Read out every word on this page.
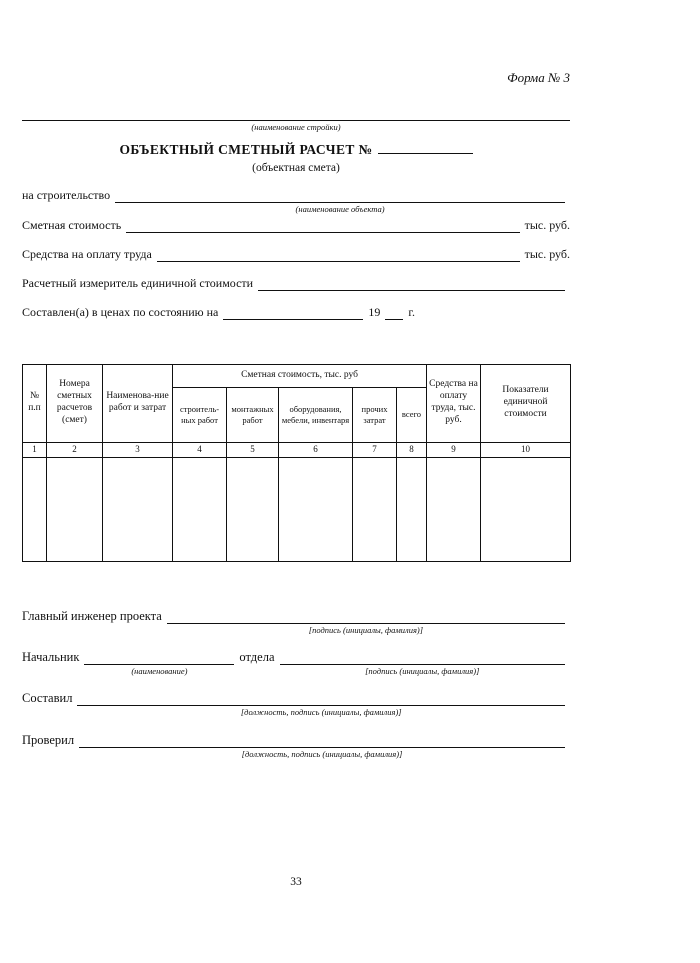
Форма № 3
(наименование стройки)
ОБЪЕКТНЫЙ СМЕТНЫЙ РАСЧЕТ №
(объектная смета)
на строительство
(наименование объекта)
Сметная стоимость	тыс. руб.
Средства на оплату труда	тыс. руб.
Расчетный измеритель единичной стоимости
Составлен(а) в ценах по состоянию на	19 г.
№ п.п	Номера сметных расчетов (смет)	Наименова-ние работ и затрат	Сметная стоимость, тыс. руб					Средства на оплату труда, тыс. руб.	Показатели единичной стоимости
			строитель-ных работ	монтажных работ	оборудования, мебели, инвентаря	прочих затрат	всего		
1	2	3	4	5	6	7	8	9	10

Главный инженер проекта
[подпись (инициалы, фамилия)]
Начальник
(наименование)
отдела
[подпись (инициалы, фамилия)]
Составил
[должность, подпись (инициалы, фамилия)]
Проверил
[должность, подпись (инициалы, фамилия)]
33
